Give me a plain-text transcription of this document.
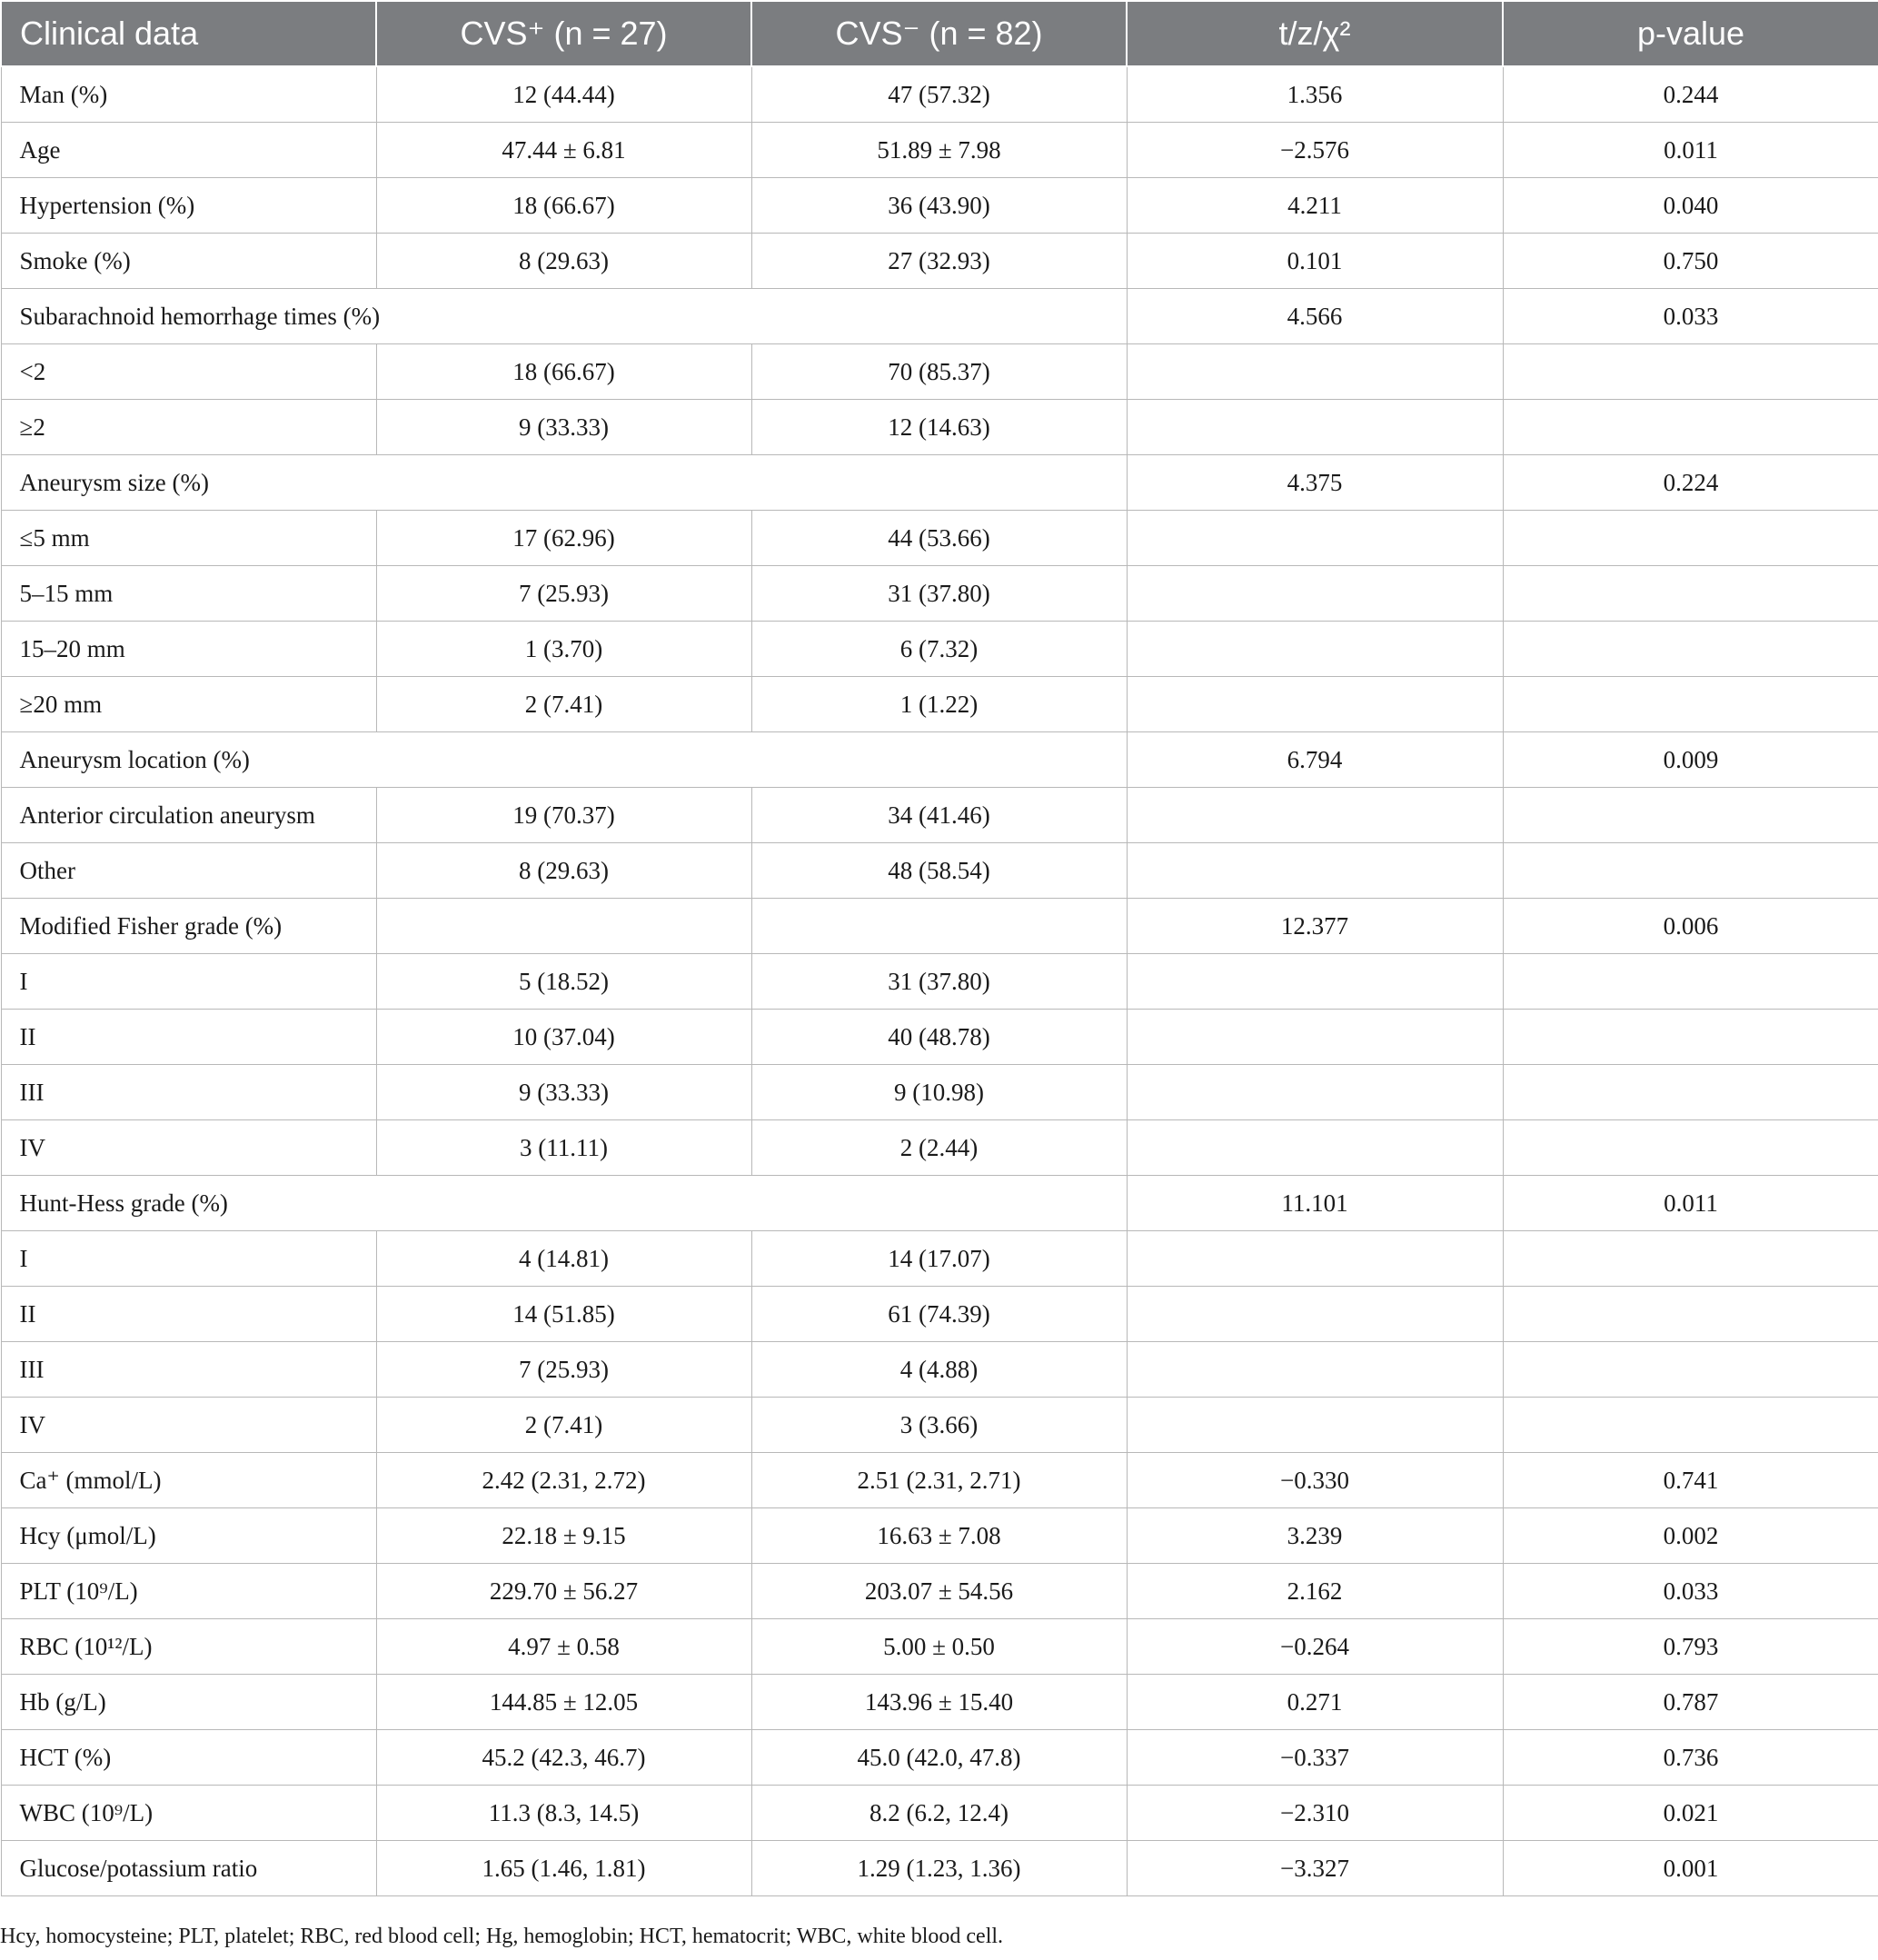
Clinical data	CVS⁺ (n = 27)	CVS⁻ (n = 82)	t/z/χ²	p-value
Man (%)	12 (44.44)	47 (57.32)	1.356	0.244
Age	47.44 ± 6.81	51.89 ± 7.98	−2.576	0.011
Hypertension (%)	18 (66.67)	36 (43.90)	4.211	0.040
Smoke (%)	8 (29.63)	27 (32.93)	0.101	0.750
Subarachnoid hemorrhage times (%)			4.566	0.033
<2	18 (66.67)	70 (85.37)		
≥2	9 (33.33)	12 (14.63)		
Aneurysm size (%)			4.375	0.224
≤5 mm	17 (62.96)	44 (53.66)		
5–15 mm	7 (25.93)	31 (37.80)		
15–20 mm	1 (3.70)	6 (7.32)		
≥20 mm	2 (7.41)	1 (1.22)		
Aneurysm location (%)			6.794	0.009
Anterior circulation aneurysm	19 (70.37)	34 (41.46)		
Other	8 (29.63)	48 (58.54)		
Modified Fisher grade (%)			12.377	0.006
I	5 (18.52)	31 (37.80)		
II	10 (37.04)	40 (48.78)		
III	9 (33.33)	9 (10.98)		
IV	3 (11.11)	2 (2.44)		
Hunt-Hess grade (%)			11.101	0.011
I	4 (14.81)	14 (17.07)		
II	14 (51.85)	61 (74.39)		
III	7 (25.93)	4 (4.88)		
IV	2 (7.41)	3 (3.66)		
Ca⁺ (mmol/L)	2.42 (2.31, 2.72)	2.51 (2.31, 2.71)	−0.330	0.741
Hcy (μmol/L)	22.18 ± 9.15	16.63 ± 7.08	3.239	0.002
PLT (10⁹/L)	229.70 ± 56.27	203.07 ± 54.56	2.162	0.033
RBC (10¹²/L)	4.97 ± 0.58	5.00 ± 0.50	−0.264	0.793
Hb (g/L)	144.85 ± 12.05	143.96 ± 15.40	0.271	0.787
HCT (%)	45.2 (42.3, 46.7)	45.0 (42.0, 47.8)	−0.337	0.736
WBC (10⁹/L)	11.3 (8.3, 14.5)	8.2 (6.2, 12.4)	−2.310	0.021
Glucose/potassium ratio	1.65 (1.46, 1.81)	1.29 (1.23, 1.36)	−3.327	0.001
Hcy, homocysteine; PLT, platelet; RBC, red blood cell; Hg, hemoglobin; HCT, hematocrit; WBC, white blood cell.
